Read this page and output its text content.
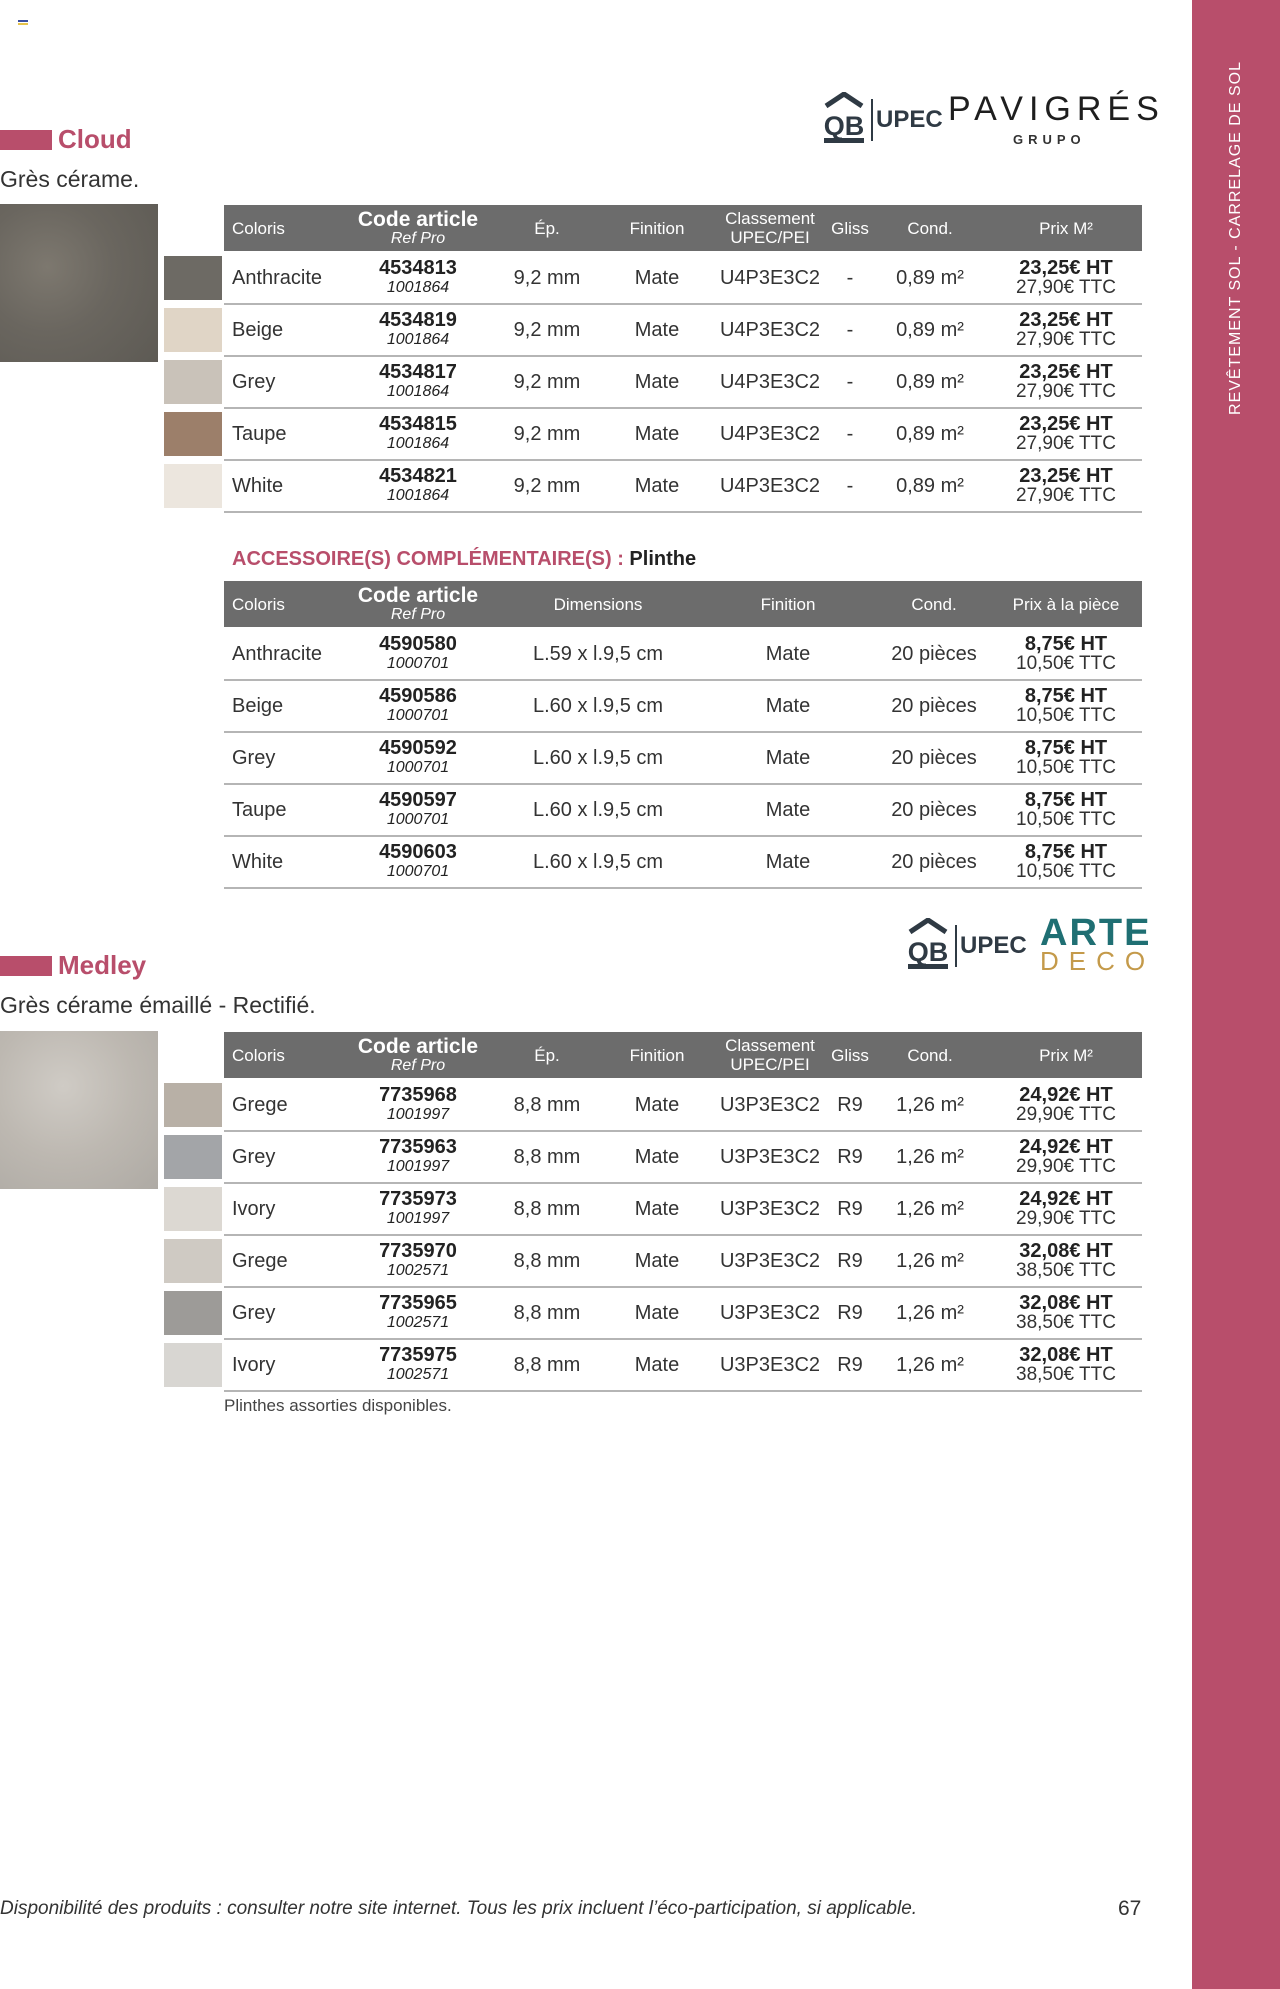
REVÊTEMENT SOL - CARRELAGE DE SOL
QB UPEC PAVIGRÉS
GRUPO
Cloud
Grès cérame.
Coloris	Code article
Ref Pro
Ép.	Finition	Classement UPEC/PEI	Gliss	Cond.	Prix M²
Anthracite	4534813
1001864	9,2 mm	Mate	U4P3E3C2	-	0,89 m²	23,25€ HT
27,90€ TTC
Beige	4534819
1001864	9,2 mm	Mate	U4P3E3C2	-	0,89 m²	23,25€ HT
27,90€ TTC
Grey	4534817
1001864	9,2 mm	Mate	U4P3E3C2	-	0,89 m²	23,25€ HT
27,90€ TTC
Taupe	4534815
1001864	9,2 mm	Mate	U4P3E3C2	-	0,89 m²	23,25€ HT
27,90€ TTC
White	4534821
1001864	9,2 mm	Mate	U4P3E3C2	-	0,89 m²	23,25€ HT
27,90€ TTC
ACCESSOIRE(S) COMPLÉMENTAIRE(S) : Plinthe
Coloris	Code article
Ref Pro
Dimensions	Finition	Cond.	Prix à la pièce
Anthracite	4590580
1000701	L.59 x l.9,5 cm	Mate	20 pièces	8,75€ HT
10,50€ TTC
Beige	4590586
1000701	L.60 x l.9,5 cm	Mate	20 pièces	8,75€ HT
10,50€ TTC
Grey	4590592
1000701	L.60 x l.9,5 cm	Mate	20 pièces	8,75€ HT
10,50€ TTC
Taupe	4590597
1000701	L.60 x l.9,5 cm	Mate	20 pièces	8,75€ HT
10,50€ TTC
White	4590603
1000701	L.60 x l.9,5 cm	Mate	20 pièces	8,75€ HT
10,50€ TTC
QB UPEC ARTE
DECO
Medley
Grès cérame émaillé - Rectifié.
Coloris	Code article
Ref Pro
Ép.	Finition	Classement UPEC/PEI	Gliss	Cond.	Prix M²
Grege	7735968
1001997	8,8 mm	Mate	U3P3E3C2 R9	1,26 m²	24,92€ HT
29,90€ TTC
Grey	7735963
1001997	8,8 mm	Mate	U3P3E3C2 R9	1,26 m²	24,92€ HT
29,90€ TTC
Ivory	7735973
1001997	8,8 mm	Mate	U3P3E3C2 R9	1,26 m²	24,92€ HT
29,90€ TTC
Grege	7735970
1002571	8,8 mm	Mate	U3P3E3C2 R9	1,26 m²	32,08€ HT
38,50€ TTC
Grey	7735965
1002571	8,8 mm	Mate	U3P3E3C2 R9	1,26 m²	32,08€ HT
38,50€ TTC
Ivory	7735975
1002571	8,8 mm	Mate	U3P3E3C2 R9	1,26 m²	32,08€ HT
38,50€ TTC
Plinthes assorties disponibles.
Disponibilité des produits : consulter notre site internet. Tous les prix incluent l’éco-participation, si applicable.	67
